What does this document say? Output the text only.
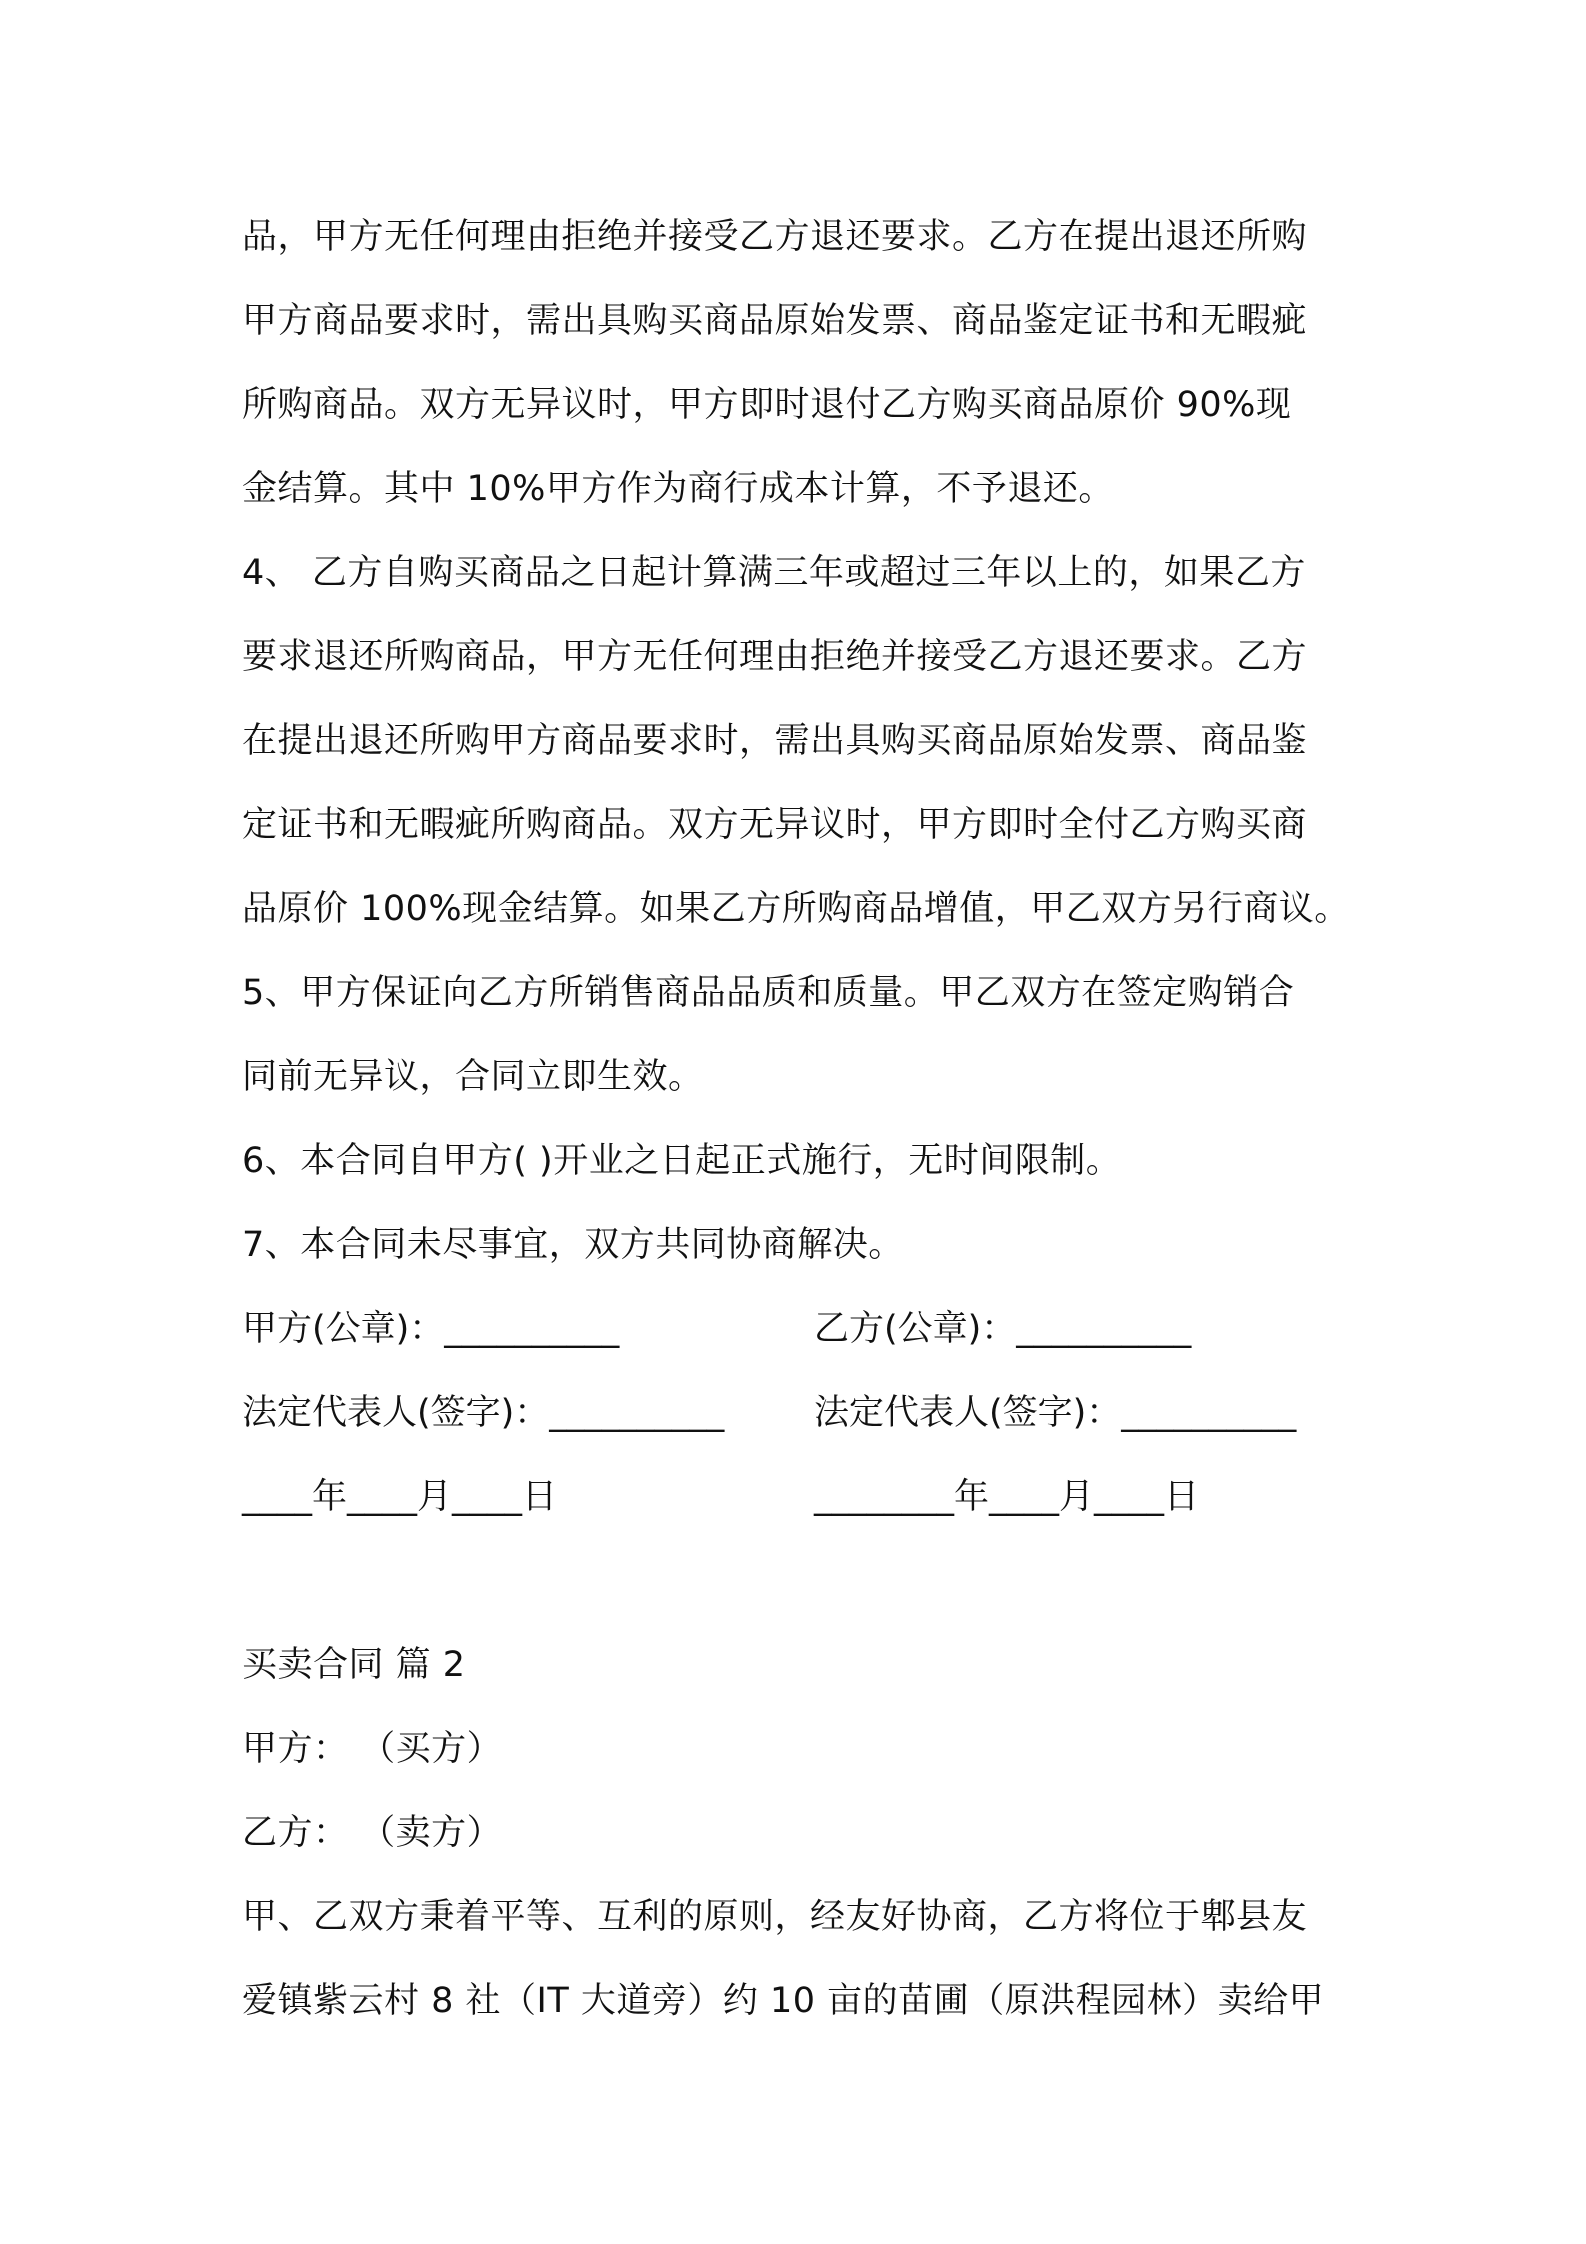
品，甲方无任何理由拒绝并接受乙方退还要求。乙方在提出退还所购
甲方商品要求时，需出具购买商品原始发票、商品鉴定证书和无暇疵
所购商品。双方无异议时，甲方即时退付乙方购买商品原价 90%现
金结算。其中 10%甲方作为商行成本计算，不予退还。
4、 乙方自购买商品之日起计算满三年或超过三年以上的，如果乙方
要求退还所购商品，甲方无任何理由拒绝并接受乙方退还要求。乙方
在提出退还所购甲方商品要求时，需出具购买商品原始发票、商品鉴
定证书和无暇疵所购商品。双方无异议时，甲方即时全付乙方购买商
品原价 100%现金结算。如果乙方所购商品增值，甲乙双方另行商议。
5、甲方保证向乙方所销售商品品质和质量。甲乙双方在签定购销合
同前无异议，合同立即生效。
6、本合同自甲方( )开业之日起正式施行，无时间限制。
7、本合同未尽事宜，双方共同协商解决。
甲方(公章)：__________	乙方(公章)：__________
法定代表人(签字)：__________	法定代表人(签字)：__________
____年____月____日	________年____月____日
买卖合同 篇 2
甲方： （买方）
乙方： （卖方）
甲、乙双方秉着平等、互利的原则，经友好协商，乙方将位于郫县友
爱镇紫云村 8 社（IT 大道旁）约 10 亩的苗圃（原洪程园林）卖给甲
